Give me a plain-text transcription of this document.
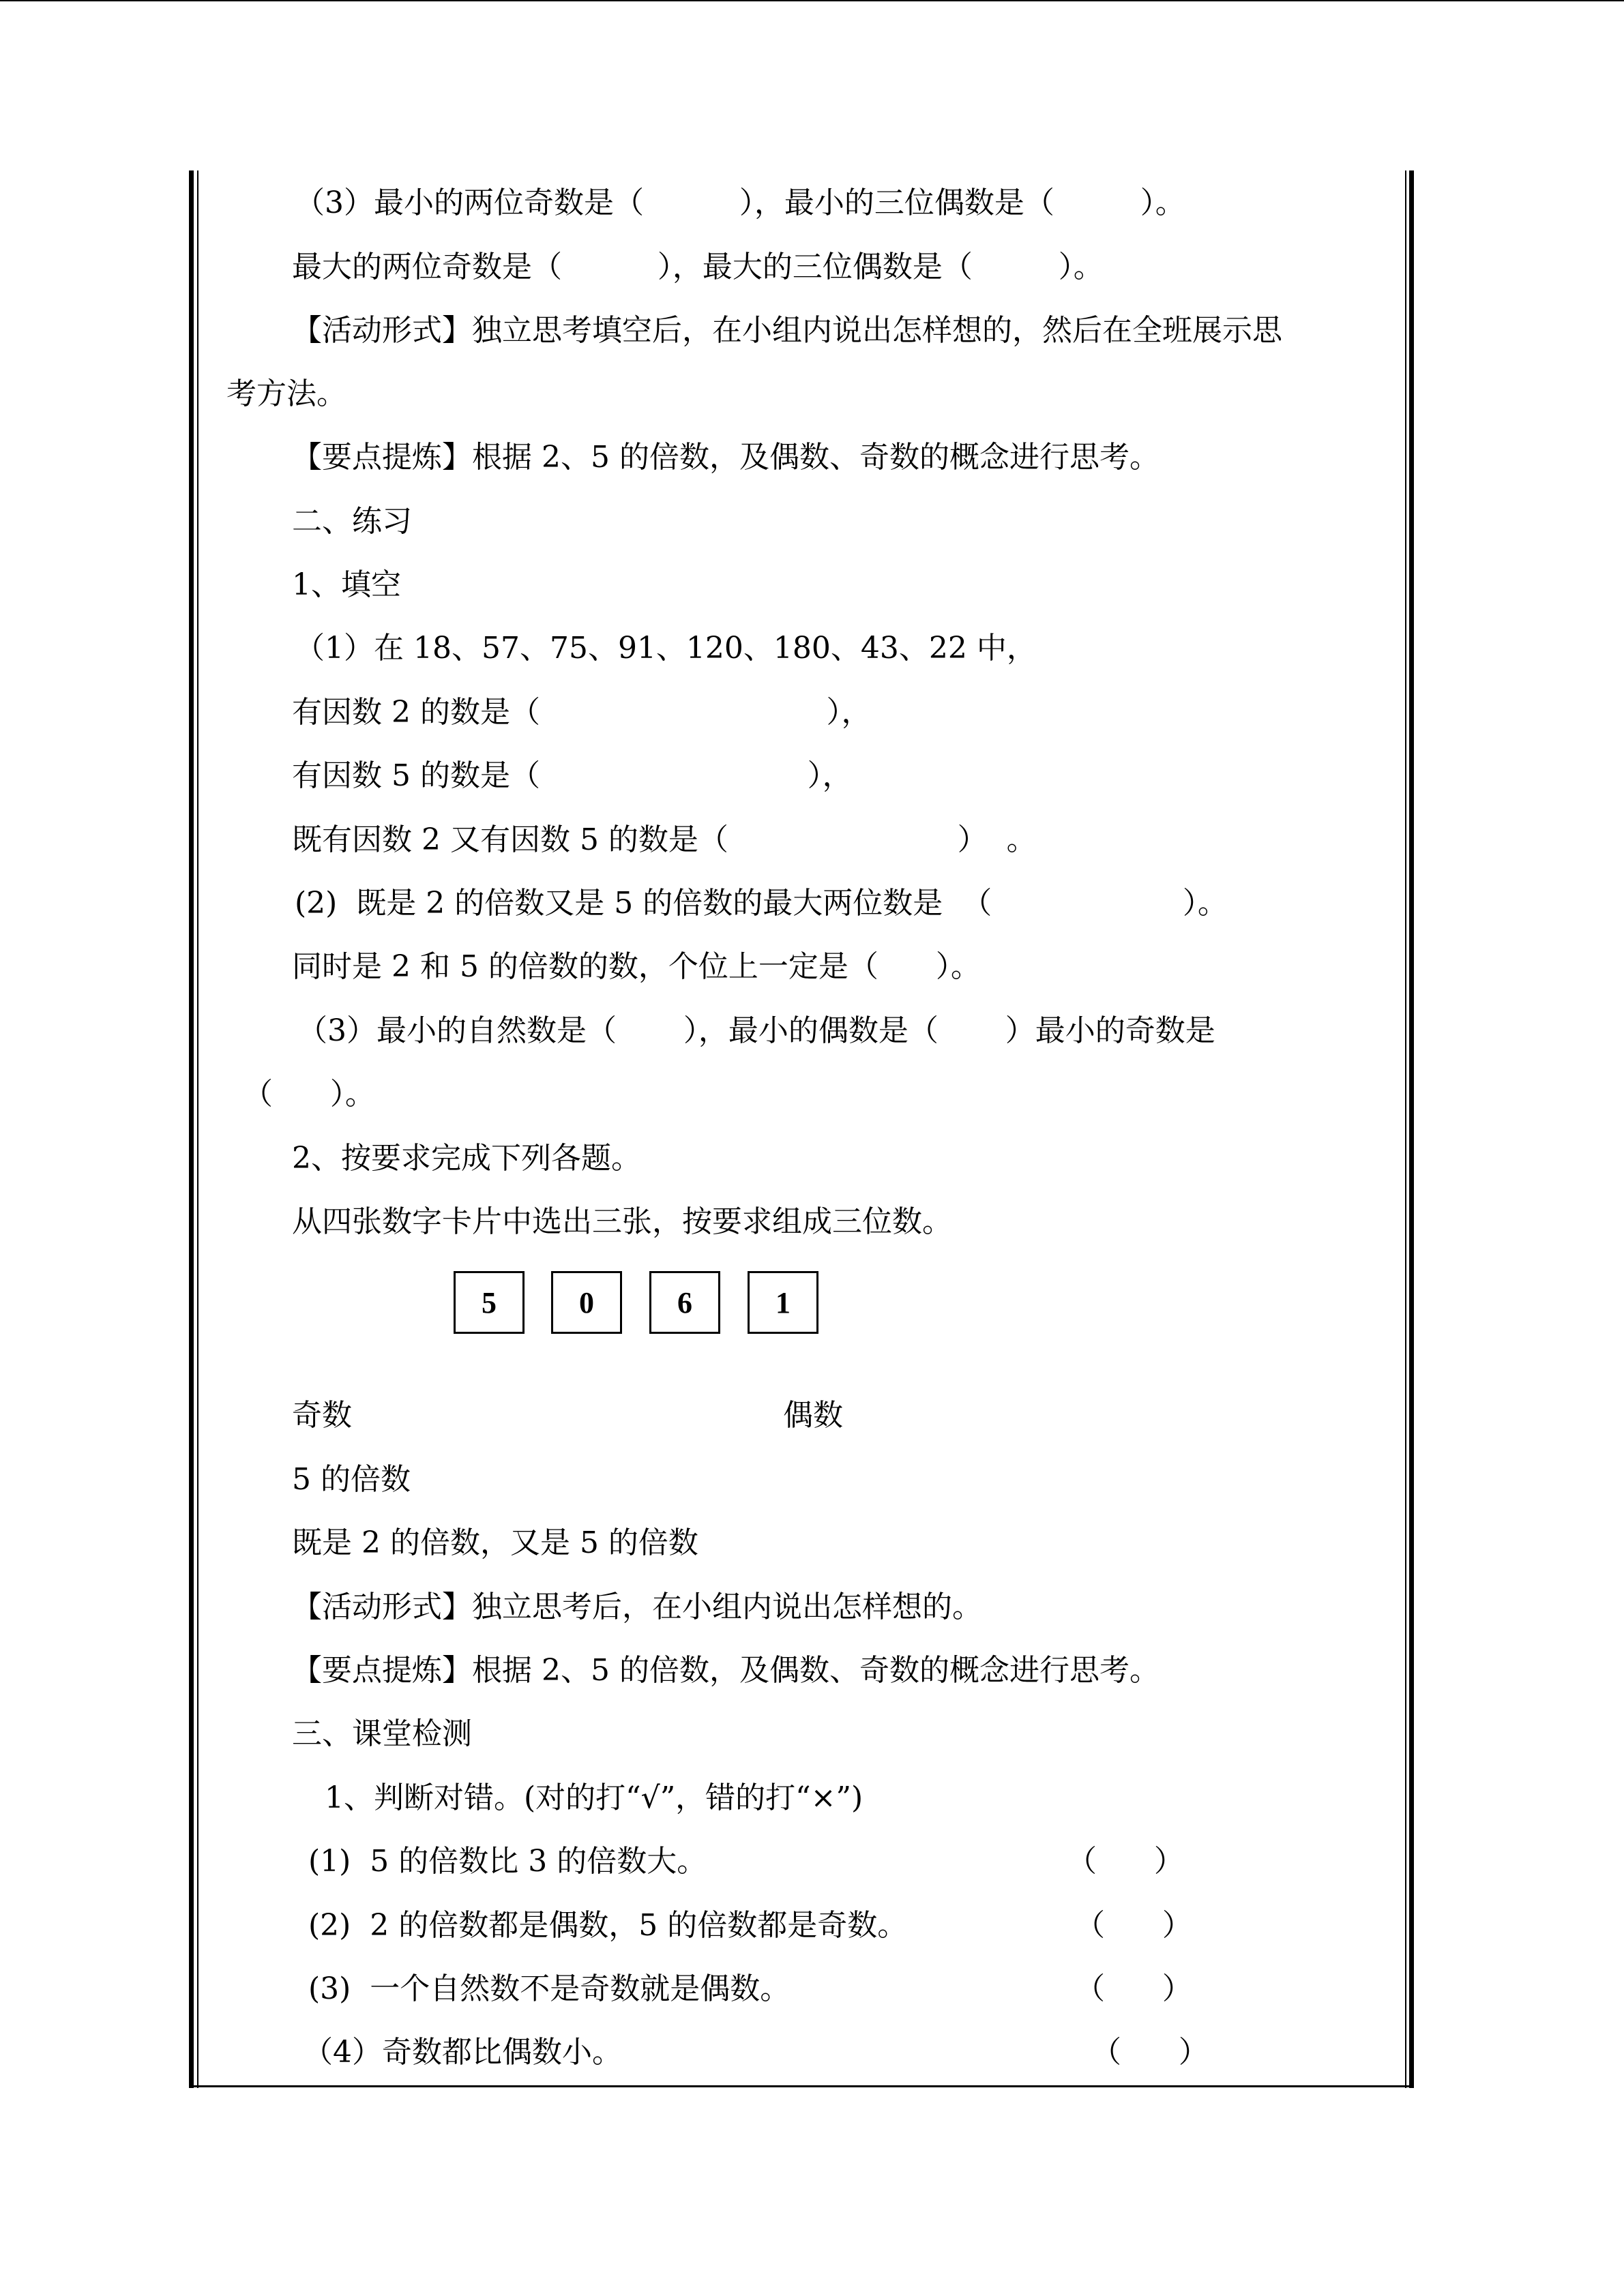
（3）最小的两位奇数是（          ），最小的三位偶数是（         ）。
最大的两位奇数是（          ），最大的三位偶数是（         ）。
【活动形式】独立思考填空后，在小组内说出怎样想的，然后在全班展示思
考方法。
【要点提炼】根据 2、5 的倍数，及偶数、奇数的概念进行思考。
二、练习
1、填空
（1）在 18、57、75、91、120、180、43、22 中，
有因数 2 的数是（                              ），
有因数 5 的数是（                            ），
既有因数 2 又有因数 5 的数是（                        ）  。
(2)  既是 2 的倍数又是 5 的倍数的最大两位数是  （                    ）。
同时是 2 和 5 的倍数的数，个位上一定是（      ）。
（3）最小的自然数是（       ），最小的偶数是（       ）最小的奇数是
（      ）。
2、按要求完成下列各题。
从四张数字卡片中选出三张，按要求组成三位数。
5	0	6	1
奇数	偶数
5 的倍数
既是 2 的倍数，又是 5 的倍数
【活动形式】独立思考后，在小组内说出怎样想的。
【要点提炼】根据 2、5 的倍数，及偶数、奇数的概念进行思考。
三、课堂检测
1、判断对错。(对的打“√”，错的打“×”)
(1)  5 的倍数比 3 的倍数大。	（      ）
(2)  2 的倍数都是偶数，5 的倍数都是奇数。	（      ）
(3)  一个自然数不是奇数就是偶数。	（      ）
（4）奇数都比偶数小。	（      ）
